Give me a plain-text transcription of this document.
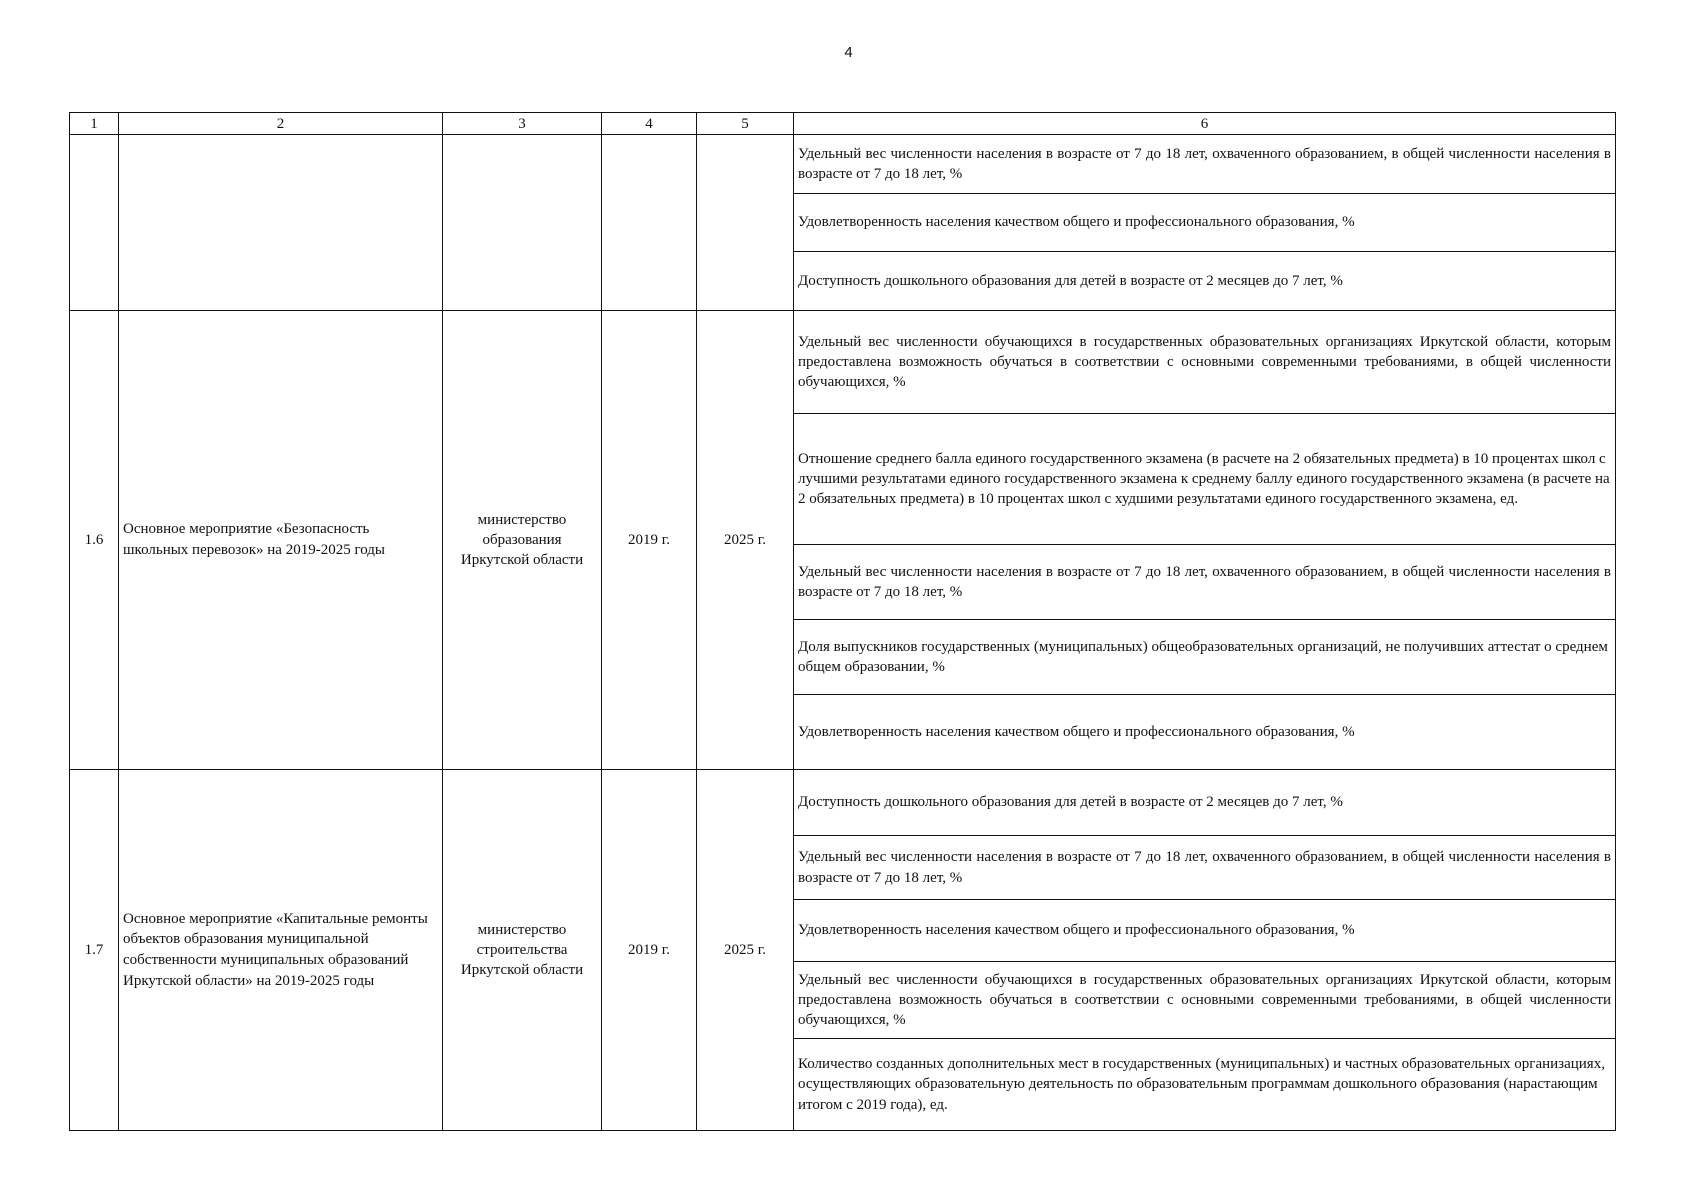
4
1	2	3	4	5	6
					Удельный вес численности населения в возрасте от 7 до 18 лет, охваченного образованием, в общей численности населения в возрасте от 7 до 18 лет, %
					Удовлетворенность населения качеством общего и профессионального образования, %
					Доступность дошкольного образования для детей в возрасте от 2 месяцев до 7 лет, %
1.6	Основное мероприятие «Безопасность школьных перевозок» на 2019-2025 годы	министерство образования Иркутской области	2019 г.	2025 г.	Удельный вес численности обучающихся в государственных образовательных организациях Иркутской области, которым предоставлена возможность обучаться в соответствии с основными современными требованиями, в общей численности обучающихся, %
					Отношение среднего балла единого государственного экзамена (в расчете на 2 обязательных предмета) в 10 процентах школ с лучшими результатами единого государственного экзамена к среднему баллу единого государственного экзамена (в расчете на 2 обязательных предмета) в 10 процентах школ с худшими результатами единого государственного экзамена, ед.
					Удельный вес численности населения в возрасте от 7 до 18 лет, охваченного образованием, в общей численности населения в возрасте от 7 до 18 лет, %
					Доля выпускников государственных (муниципальных) общеобразовательных организаций, не получивших аттестат о среднем общем образовании, %
					Удовлетворенность населения качеством общего и профессионального образования, %
1.7	Основное мероприятие «Капитальные ремонты объектов образования муниципальной собственности муниципальных образований Иркутской области» на 2019-2025 годы	министерство строительства Иркутской области	2019 г.	2025 г.	Доступность дошкольного образования для детей в возрасте от 2 месяцев до 7 лет, %
					Удельный вес численности населения в возрасте от 7 до 18 лет, охваченного образованием, в общей численности населения в возрасте от 7 до 18 лет, %
					Удовлетворенность населения качеством общего и профессионального образования, %
					Удельный вес численности обучающихся в государственных образовательных организациях Иркутской области, которым предоставлена возможность обучаться в соответствии с основными современными требованиями, в общей численности обучающихся, %
					Количество созданных дополнительных мест в государственных (муниципальных) и частных образовательных организациях, осуществляющих образовательную деятельность по образовательным программам дошкольного образования (нарастающим итогом с 2019 года), ед.
